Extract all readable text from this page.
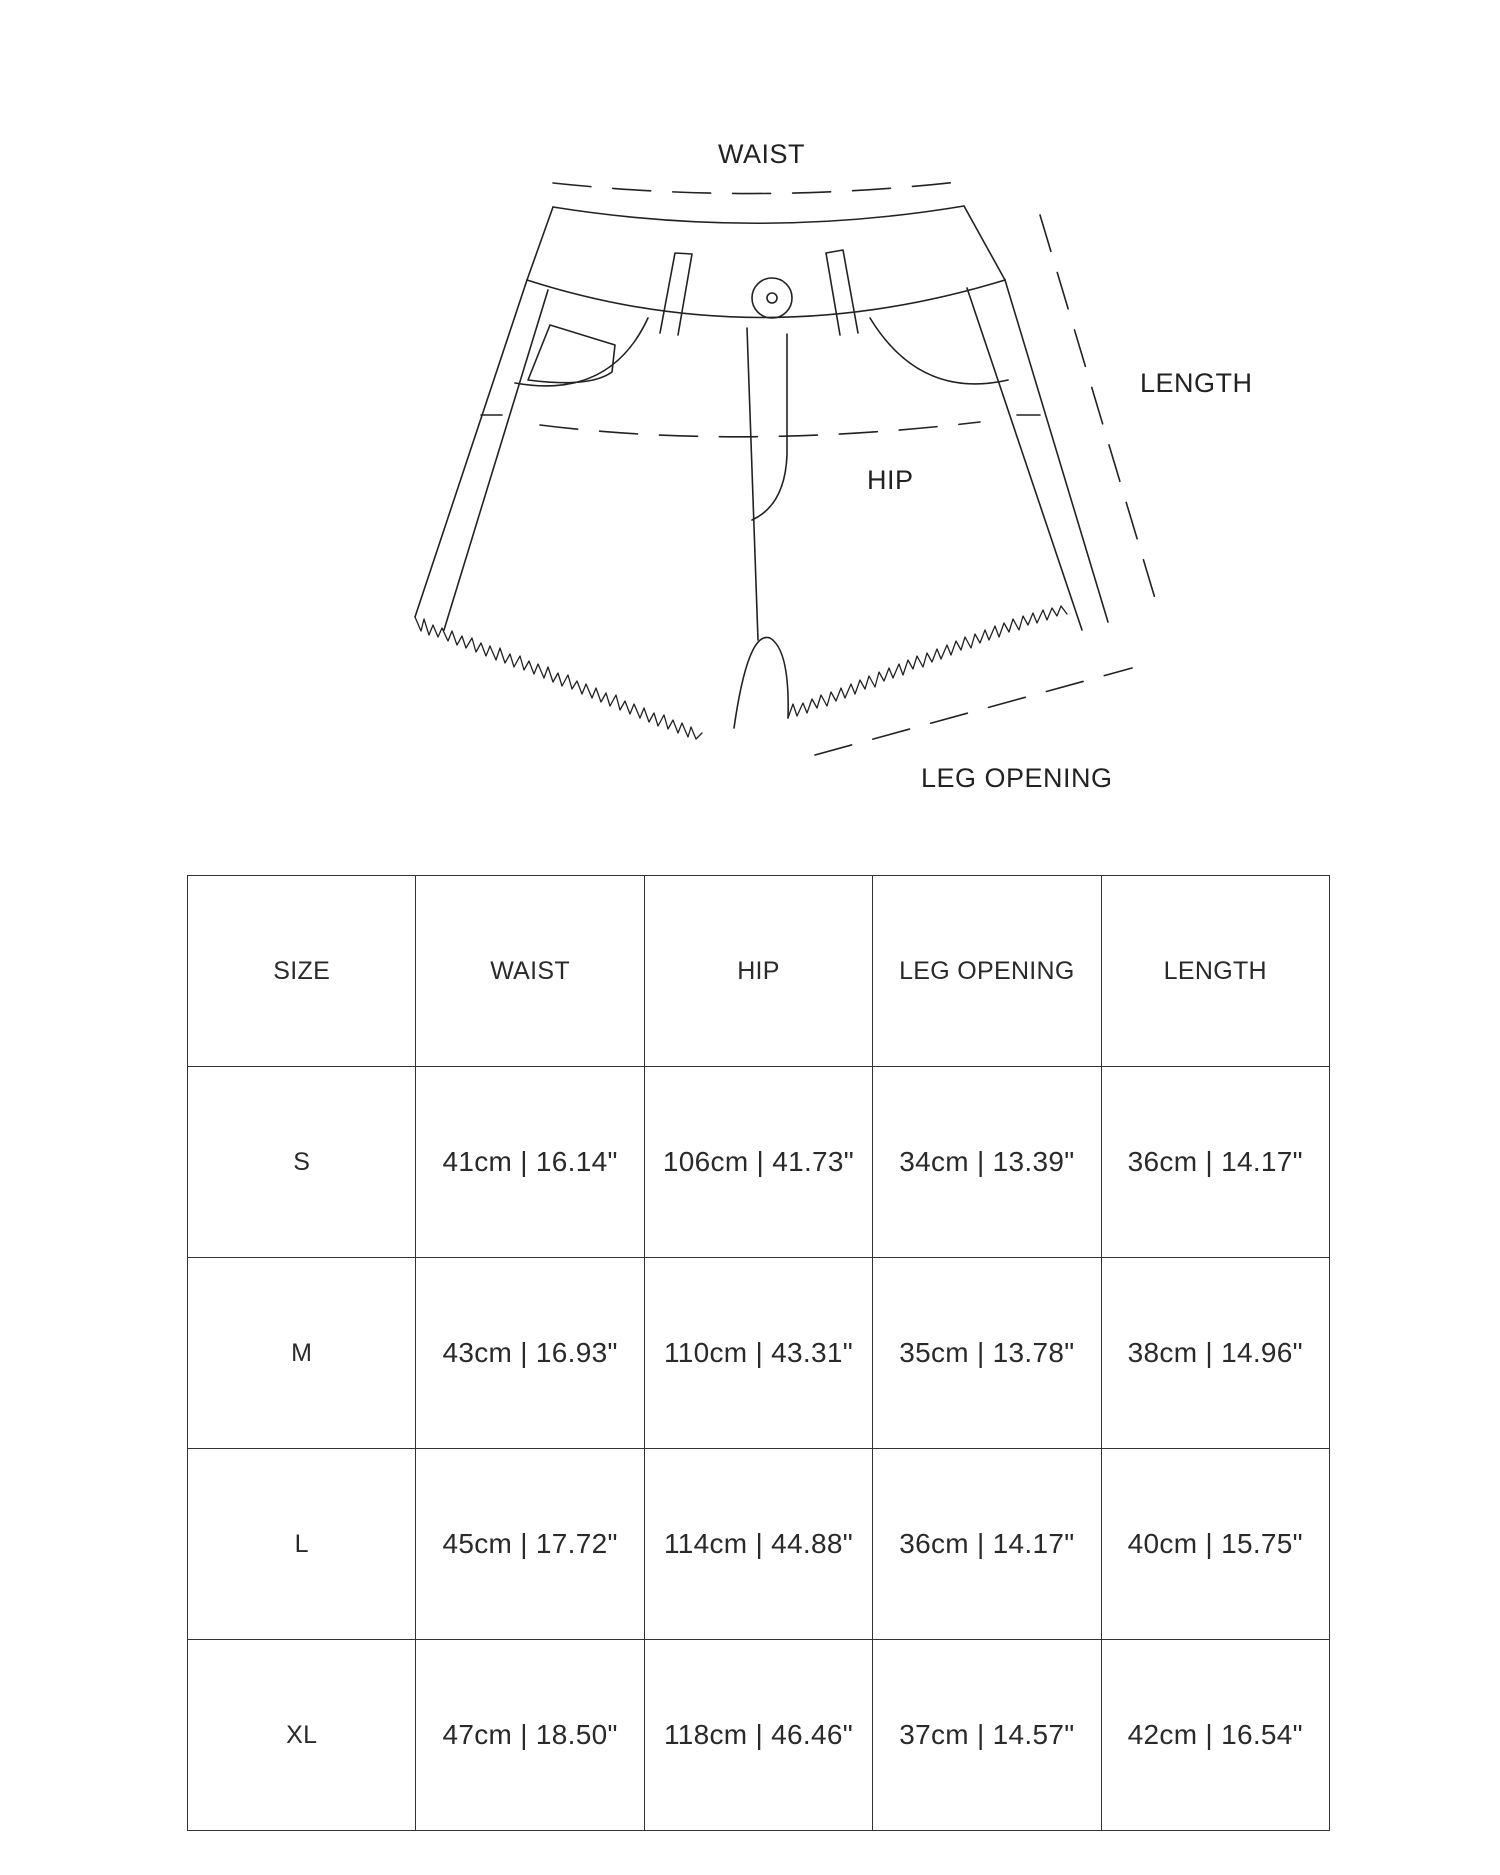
WAIST
LENGTH
HIP
LEG OPENING
SIZE	WAIST	HIP	LEG OPENING	LENGTH
S	41cm | 16.14"	106cm | 41.73"	34cm | 13.39"	36cm | 14.17"
M	43cm | 16.93"	110cm | 43.31"	35cm | 13.78"	38cm | 14.96"
L	45cm | 17.72"	114cm | 44.88"	36cm | 14.17"	40cm | 15.75"
XL	47cm | 18.50"	118cm | 46.46"	37cm | 14.57"	42cm | 16.54"
